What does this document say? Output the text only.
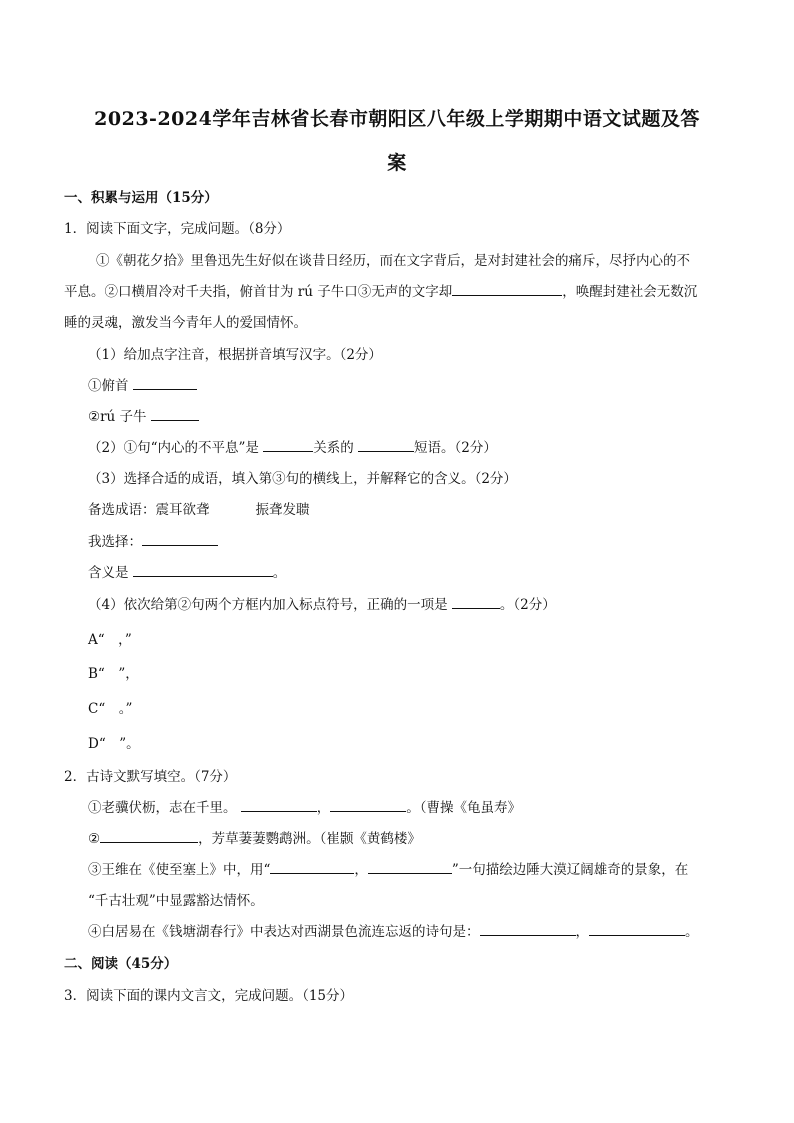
2023-2024学年吉林省长春市朝阳区八年级上学期期中语文试题及答
案
一、积累与运用（15分）
1．阅读下面文字，完成问题。（8分）
①《朝花夕拾》里鲁迅先生好似在谈昔日经历，而在文字背后，是对封建社会的痛斥，尽抒内心的不
平息。②口横眉冷对千夫指，俯首甘为 rú 子牛口③无声的文字却	，唤醒封建社会无数沉
睡的灵魂，激发当今青年人的爱国情怀。
（1）给加点字注音，根据拼音填写汉字。（2分）
①俯首
②rú 子牛
（2）①句“内心的不平息”是	关系的	短语。（2分）
（3）选择合适的成语，填入第③句的横线上，并解释它的含义。（2分）
备选成语：震耳欲聋	振聋发聩
我选择：
含义是	。
（4）依次给第②句两个方框内加入标点符号，正确的一项是	。（2分）
A“　，”
B“　”，
C“　。”
D“　”。
2．古诗文默写填空。（7分）
①老骥伏枥，志在千里。	，	。（曹操《龟虽寿》
②	，芳草萋萋鹦鹉洲。（崔颢《黄鹤楼》
③王维在《使至塞上》中，用“	，	”一句描绘边陲大漠辽阔雄奇的景象，在
“千古壮观”中显露豁达情怀。
④白居易在《钱塘湖春行》中表达对西湖景色流连忘返的诗句是：	，	。
二、阅读（45分）
3．阅读下面的课内文言文，完成问题。（15分）
